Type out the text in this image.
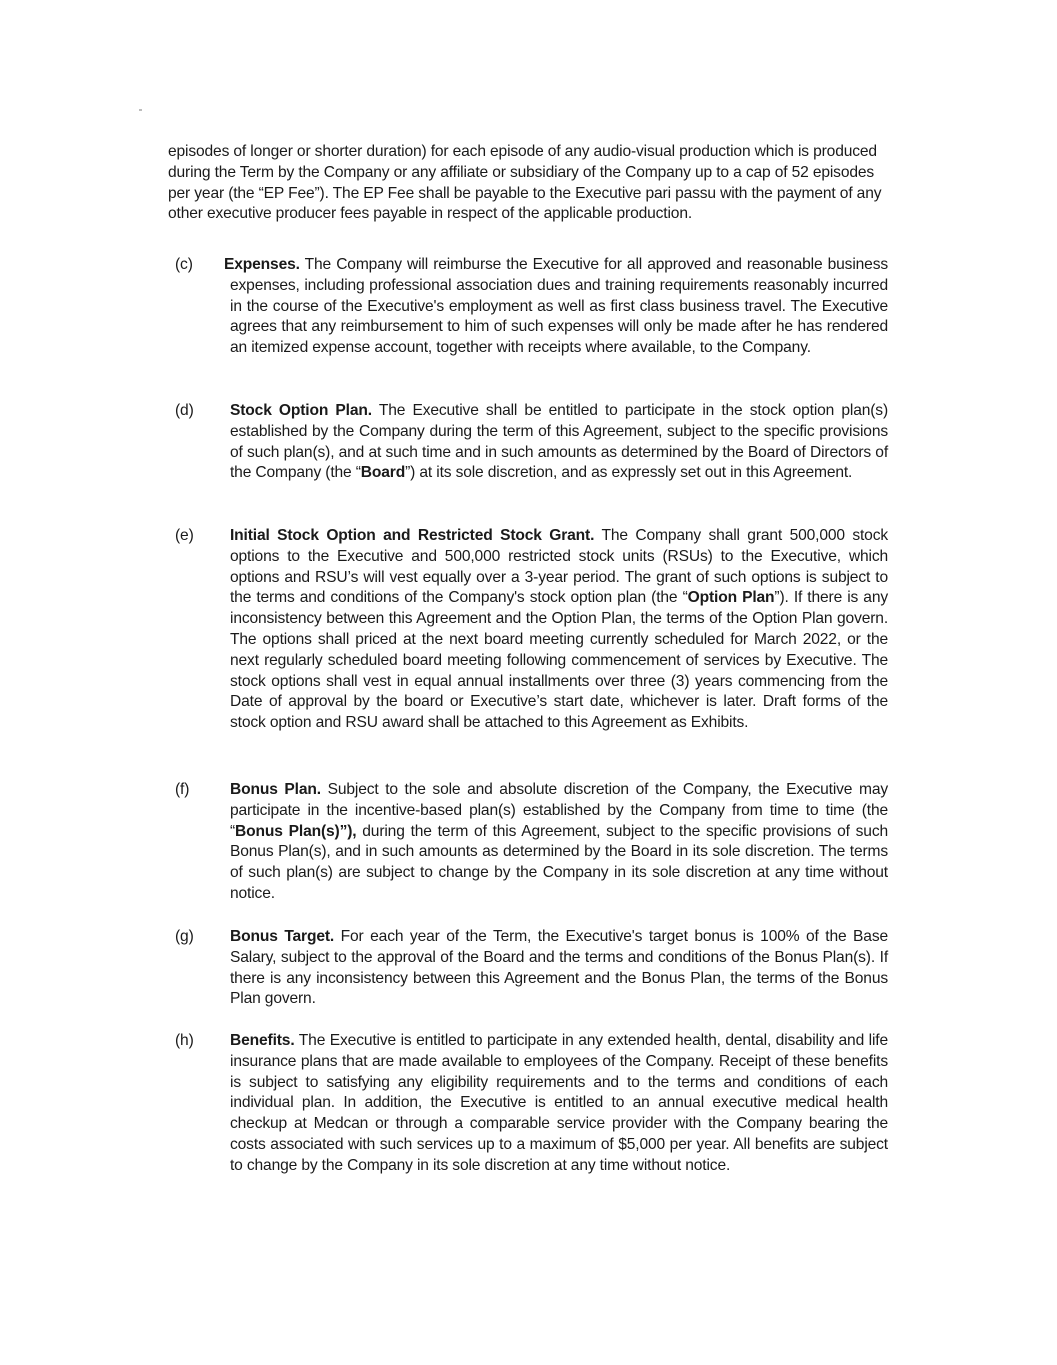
episodes of longer or shorter duration) for each episode of any audio-visual production which is produced during the Term by the Company or any affiliate or subsidiary of the Company up to a cap of 52 episodes per year (the “EP Fee”). The EP Fee shall be payable to the Executive pari passu with the payment of any other executive producer fees payable in respect of the applicable production.

(c)	Expenses. The Company will reimburse the Executive for all approved and reasonable business expenses, including professional association dues and training requirements reasonably incurred in the course of the Executive's employment as well as first class business travel. The Executive agrees that any reimbursement to him of such expenses will only be made after he has rendered an itemized expense account, together with receipts where available, to the Company.
(d)	Stock Option Plan. The Executive shall be entitled to participate in the stock option plan(s) established by the Company during the term of this Agreement, subject to the specific provisions of such plan(s), and at such time and in such amounts as determined by the Board of Directors of the Company (the “Board”) at its sole discretion, and as expressly set out in this Agreement.
(e)	Initial Stock Option and Restricted Stock Grant. The Company shall grant 500,000 stock options to the Executive and 500,000 restricted stock units (RSUs) to the Executive, which options and RSU’s will vest equally over a 3-year period. The grant of such options is subject to the terms and conditions of the Company's stock option plan (the “Option Plan”). If there is any inconsistency between this Agreement and the Option Plan, the terms of the Option Plan govern. The options shall priced at the next board meeting currently scheduled for March 2022, or the next regularly scheduled board meeting following commencement of services by Executive. The stock options shall vest in equal annual installments over three (3) years commencing from the Date of approval by the board or Executive’s start date, whichever is later. Draft forms of the stock option and RSU award shall be attached to this Agreement as Exhibits.
(f)	Bonus Plan. Subject to the sole and absolute discretion of the Company, the Executive may participate in the incentive-based plan(s) established by the Company from time to time (the “Bonus Plan(s)”), during the term of this Agreement, subject to the specific provisions of such Bonus Plan(s), and in such amounts as determined by the Board in its sole discretion. The terms of such plan(s) are subject to change by the Company in its sole discretion at any time without notice.
(g)	Bonus Target. For each year of the Term, the Executive's target bonus is 100% of the Base Salary, subject to the approval of the Board and the terms and conditions of the Bonus Plan(s). If there is any inconsistency between this Agreement and the Bonus Plan, the terms of the Bonus Plan govern.
(h)	Benefits. The Executive is entitled to participate in any extended health, dental, disability and life insurance plans that are made available to employees of the Company. Receipt of these benefits is subject to satisfying any eligibility requirements and to the terms and conditions of each individual plan. In addition, the Executive is entitled to an annual executive medical health checkup at Medcan or through a comparable service provider with the Company bearing the costs associated with such services up to a maximum of $5,000 per year. All benefits are subject to change by the Company in its sole discretion at any time without notice.
